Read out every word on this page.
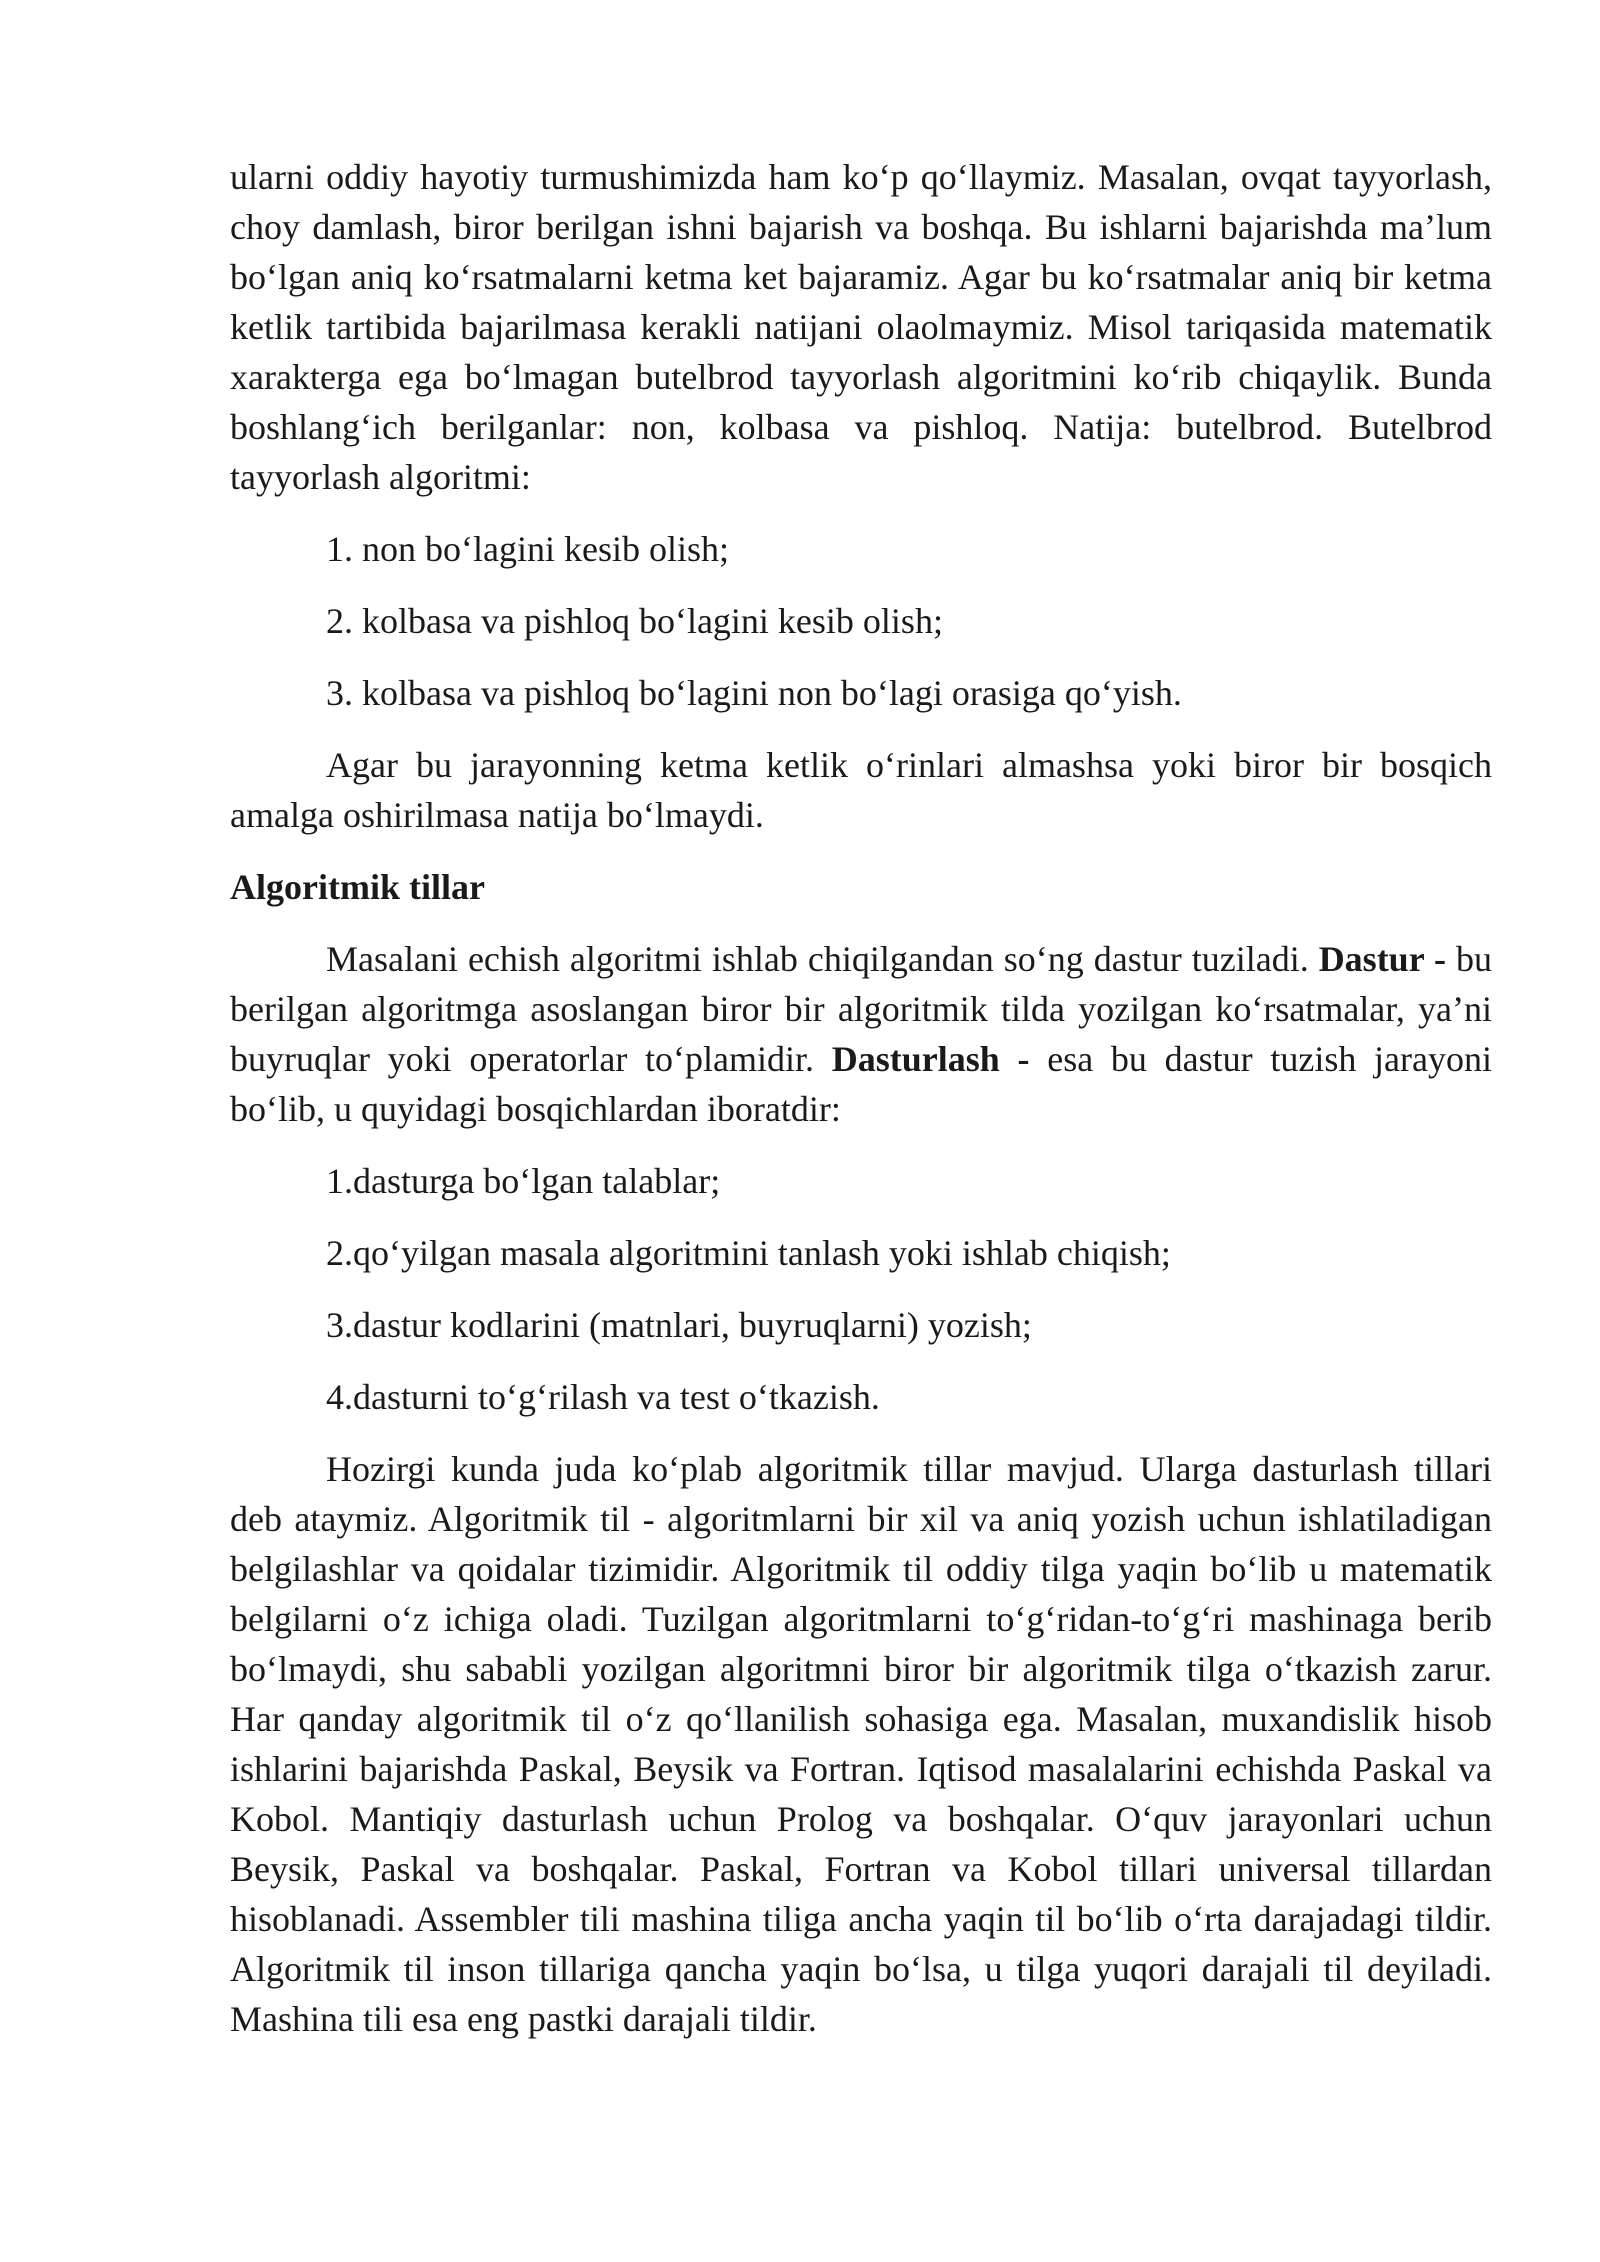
ularni oddiy hayotiy turmushimizda ham ko‘p qo‘llaymiz. Masalan, ovqat tayyorlash, choy damlash, biror berilgan ishni bajarish va boshqa. Bu ishlarni bajarishda ma’lum bo‘lgan aniq ko‘rsatmalarni ketma ket bajaramiz. Agar bu ko‘rsatmalar aniq bir ketma ketlik tartibida bajarilmasa kerakli natijani olaolmaymiz. Misol tariqasida matematik xarakterga ega bo‘lmagan butelbrod tayyorlash algoritmini ko‘rib chiqaylik. Bunda boshlang‘ich berilganlar: non, kolbasa va pishloq. Natija: butelbrod. Butelbrod tayyorlash algoritmi:

1. non bo‘lagini kesib olish;

2. kolbasa va pishloq bo‘lagini kesib olish;

3. kolbasa va pishloq bo‘lagini non bo‘lagi orasiga qo‘yish.

Agar bu jarayonning ketma ketlik o‘rinlari almashsa yoki biror bir bosqich amalga oshirilmasa natija bo‘lmaydi.

Algoritmik tillar

Masalani echish algoritmi ishlab chiqilgandan so‘ng dastur tuziladi. Dastur - bu berilgan algoritmga asoslangan biror bir algoritmik tilda yozilgan ko‘rsatmalar, ya’ni buyruqlar yoki operatorlar to‘plamidir. Dasturlash - esa bu dastur tuzish jarayoni bo‘lib, u quyidagi bosqichlardan iboratdir:

1.dasturga bo‘lgan talablar;

2.qo‘yilgan masala algoritmini tanlash yoki ishlab chiqish;

3.dastur kodlarini (matnlari, buyruqlarni) yozish;

4.dasturni to‘g‘rilash va test o‘tkazish.

Hozirgi kunda juda ko‘plab algoritmik tillar mavjud. Ularga dasturlash tillari deb ataymiz. Algoritmik til - algoritmlarni bir xil va aniq yozish uchun ishlatiladigan belgilashlar va qoidalar tizimidir. Algoritmik til oddiy tilga yaqin bo‘lib u matematik belgilarni o‘z ichiga oladi. Tuzilgan algoritmlarni to‘g‘ridan-to‘g‘ri mashinaga berib bo‘lmaydi, shu sababli yozilgan algoritmni biror bir algoritmik tilga o‘tkazish zarur. Har qanday algoritmik til o‘z qo‘llanilish sohasiga ega. Masalan, muxandislik hisob ishlarini bajarishda Paskal, Beysik va Fortran. Iqtisod masalalarini echishda Paskal va Kobol. Mantiqiy dasturlash uchun Prolog va boshqalar. O‘quv jarayonlari uchun Beysik, Paskal va boshqalar. Paskal, Fortran va Kobol tillari universal tillardan hisoblanadi. Assembler tili mashina tiliga ancha yaqin til bo‘lib o‘rta darajadagi tildir. Algoritmik til inson tillariga qancha yaqin bo‘lsa, u tilga yuqori darajali til deyiladi. Mashina tili esa eng pastki darajali tildir.
